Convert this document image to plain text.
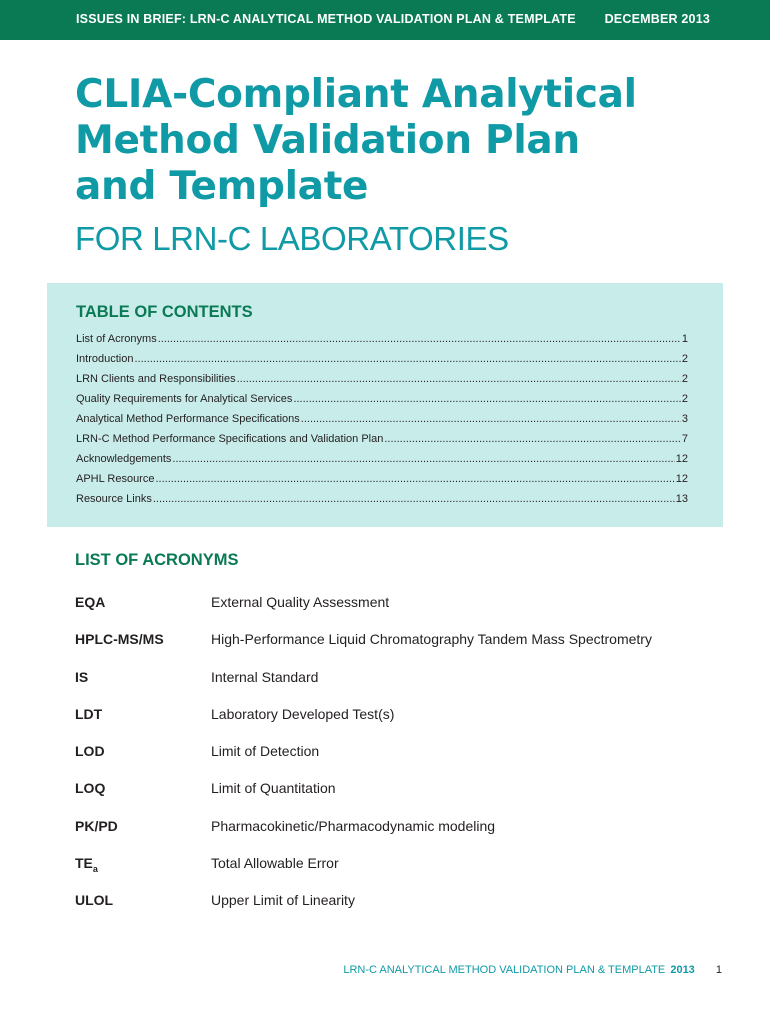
ISSUES IN BRIEF: LRN-C ANALYTICAL METHOD VALIDATION PLAN & TEMPLATE DECEMBER 2013
CLIA-Compliant Analytical
Method Validation Plan
and Template
FOR LRN-C LABORATORIES
TABLE OF CONTENTS
List of Acronyms .....	1
Introduction .....	2
LRN Clients and Responsibilities .....	2
Quality Requirements for Analytical Services .....	2
Analytical Method Performance Specifications .....	3
LRN-C Method Performance Specifications and Validation Plan .....	7
Acknowledgements .....	12
APHL Resource .....	12
Resource Links .....	13
LIST OF ACRONYMS
EQA	External Quality Assessment
HPLC-MS/MS	High-Performance Liquid Chromatography Tandem Mass Spectrometry
IS	Internal Standard
LDT	Laboratory Developed Test(s)
LOD	Limit of Detection
LOQ	Limit of Quantitation
PK/PD	Pharmacokinetic/Pharmacodynamic modeling
$TE_a$	Total Allowable Error
ULOL	Upper Limit of Linearity
LRN-C ANALYTICAL METHOD VALIDATION PLAN & TEMPLATE 2013 1
